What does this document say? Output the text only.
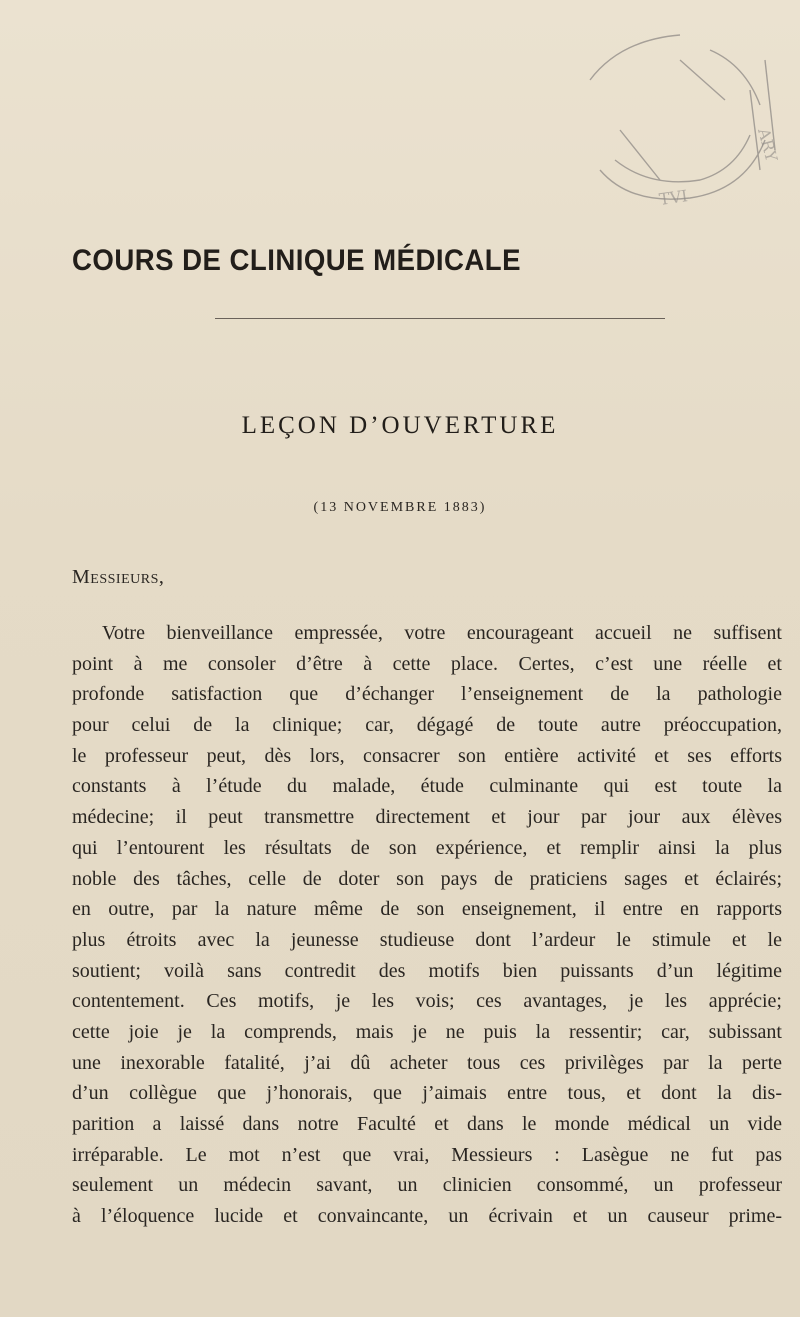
TVI
ARY
COURS DE CLINIQUE MÉDICALE
LEÇON D’OUVERTURE
(13 NOVEMBRE 1883)
Messieurs,
Votre bienveillance empressée, votre encourageant accueil ne suffisent
point à me consoler d’être à cette place. Certes, c’est une réelle et
profonde satisfaction que d’échanger l’enseignement de la pathologie
pour celui de la clinique; car, dégagé de toute autre préoccupation,
le professeur peut, dès lors, consacrer son entière activité et ses efforts
constants à l’étude du malade, étude culminante qui est toute la
médecine; il peut transmettre directement et jour par jour aux élèves
qui l’entourent les résultats de son expérience, et remplir ainsi la plus
noble des tâches, celle de doter son pays de praticiens sages et éclairés;
en outre, par la nature même de son enseignement, il entre en rapports
plus étroits avec la jeunesse studieuse dont l’ardeur le stimule et le
soutient; voilà sans contredit des motifs bien puissants d’un légitime
contentement. Ces motifs, je les vois; ces avantages, je les apprécie;
cette joie je la comprends, mais je ne puis la ressentir; car, subissant
une inexorable fatalité, j’ai dû acheter tous ces privilèges par la perte
d’un collègue que j’honorais, que j’aimais entre tous, et dont la dis-
parition a laissé dans notre Faculté et dans le monde médical un vide
irréparable. Le mot n’est que vrai, Messieurs : Lasègue ne fut pas
seulement un médecin savant, un clinicien consommé, un professeur
à l’éloquence lucide et convaincante, un écrivain et un causeur prime-
